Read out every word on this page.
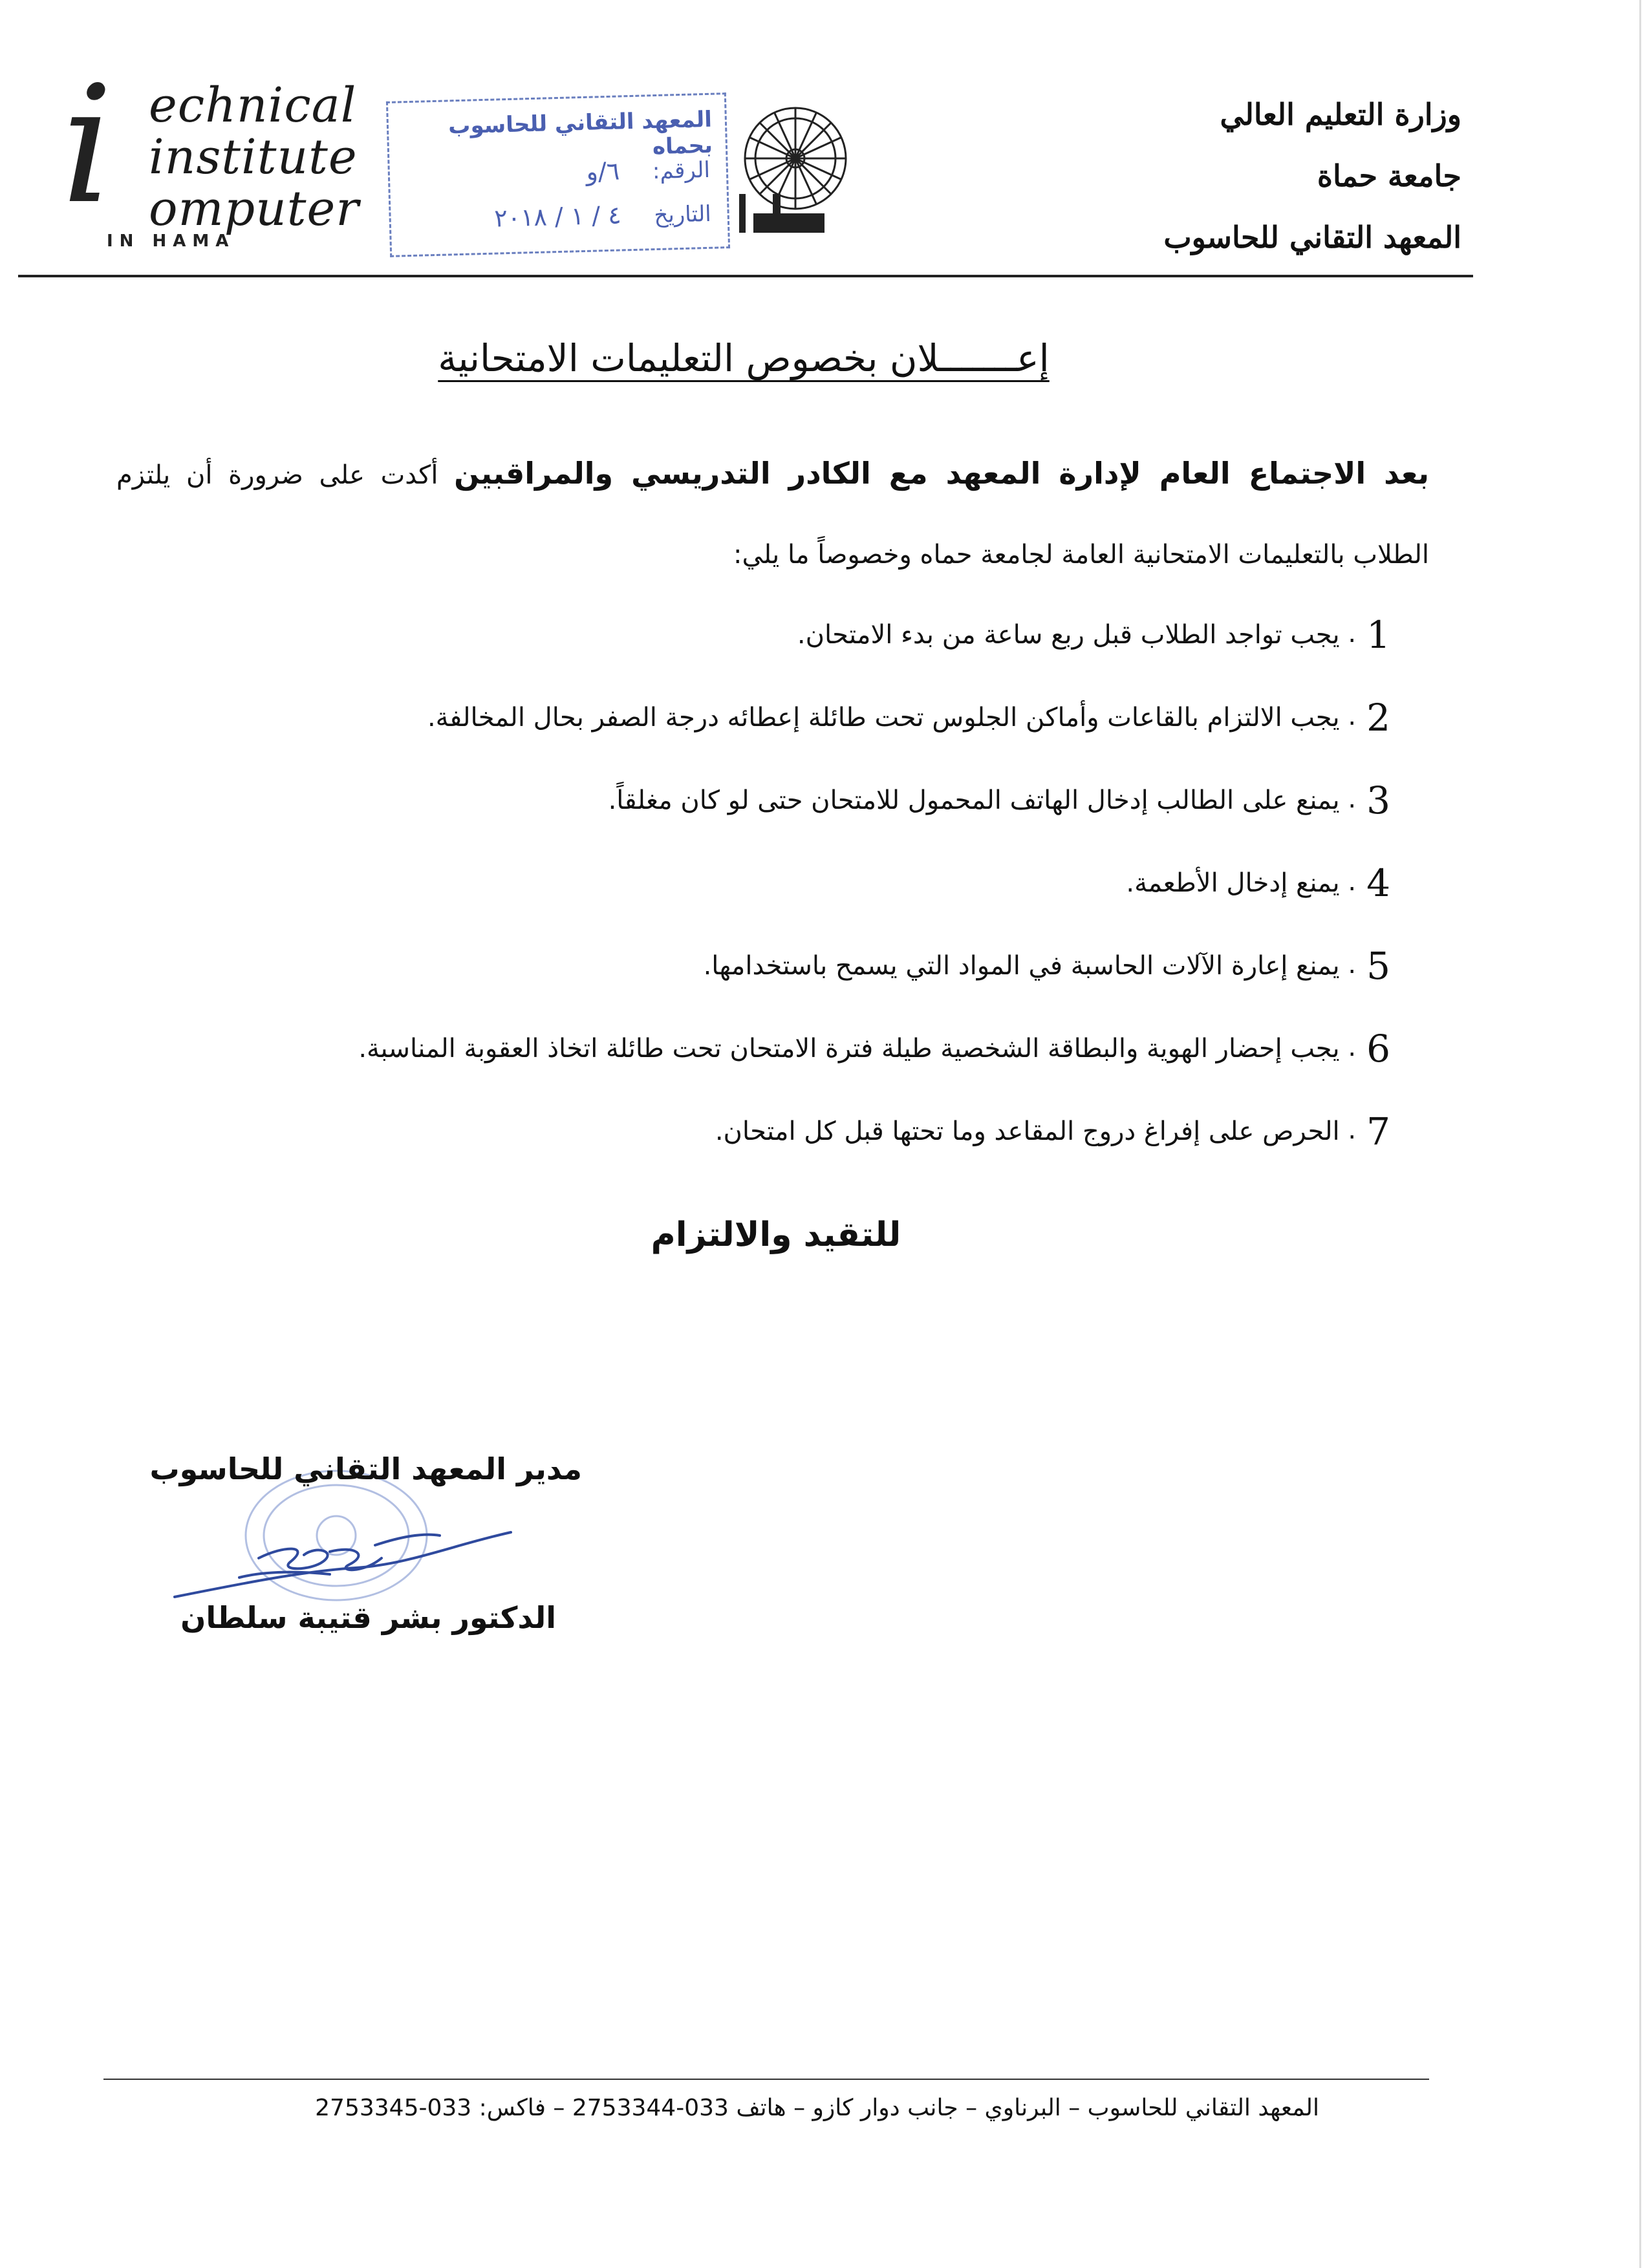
i echnical
institute
omputer
IN HAMA
المعهد التقاني للحاسوب بحماه
الرقم: ٦/و
التاريخ ٤ / ١ / ٢٠١٨
وزارة التعليم العالي
جامعة حماة
المعهد التقاني للحاسوب
إعـــــــلان بخصوص التعليمات الامتحانية
بعد الاجتماع العام لإدارة المعهد مع الكادر التدريسي والمراقبين أكدت على ضرورة أن يلتزم
الطلاب بالتعليمات الامتحانية العامة لجامعة حماه وخصوصاً ما يلي:
1. يجب تواجد الطلاب قبل ربع ساعة من بدء الامتحان.
2. يجب الالتزام بالقاعات وأماكن الجلوس تحت طائلة إعطائه درجة الصفر بحال المخالفة.
3. يمنع على الطالب إدخال الهاتف المحمول للامتحان حتى لو كان مغلقاً.
4. يمنع إدخال الأطعمة.
5. يمنع إعارة الآلات الحاسبة في المواد التي يسمح باستخدامها.
6. يجب إحضار الهوية والبطاقة الشخصية طيلة فترة الامتحان تحت طائلة اتخاذ العقوبة المناسبة.
7. الحرص على إفراغ دروج المقاعد وما تحتها قبل كل امتحان.
للتقيد والالتزام
مدير المعهد التقاني للحاسوب
الدكتور بشر قتيبة سلطان
المعهد التقاني للحاسوب – البرناوي – جانب دوار كازو – هاتف 033-2753344 – فاكس: 033-2753345
